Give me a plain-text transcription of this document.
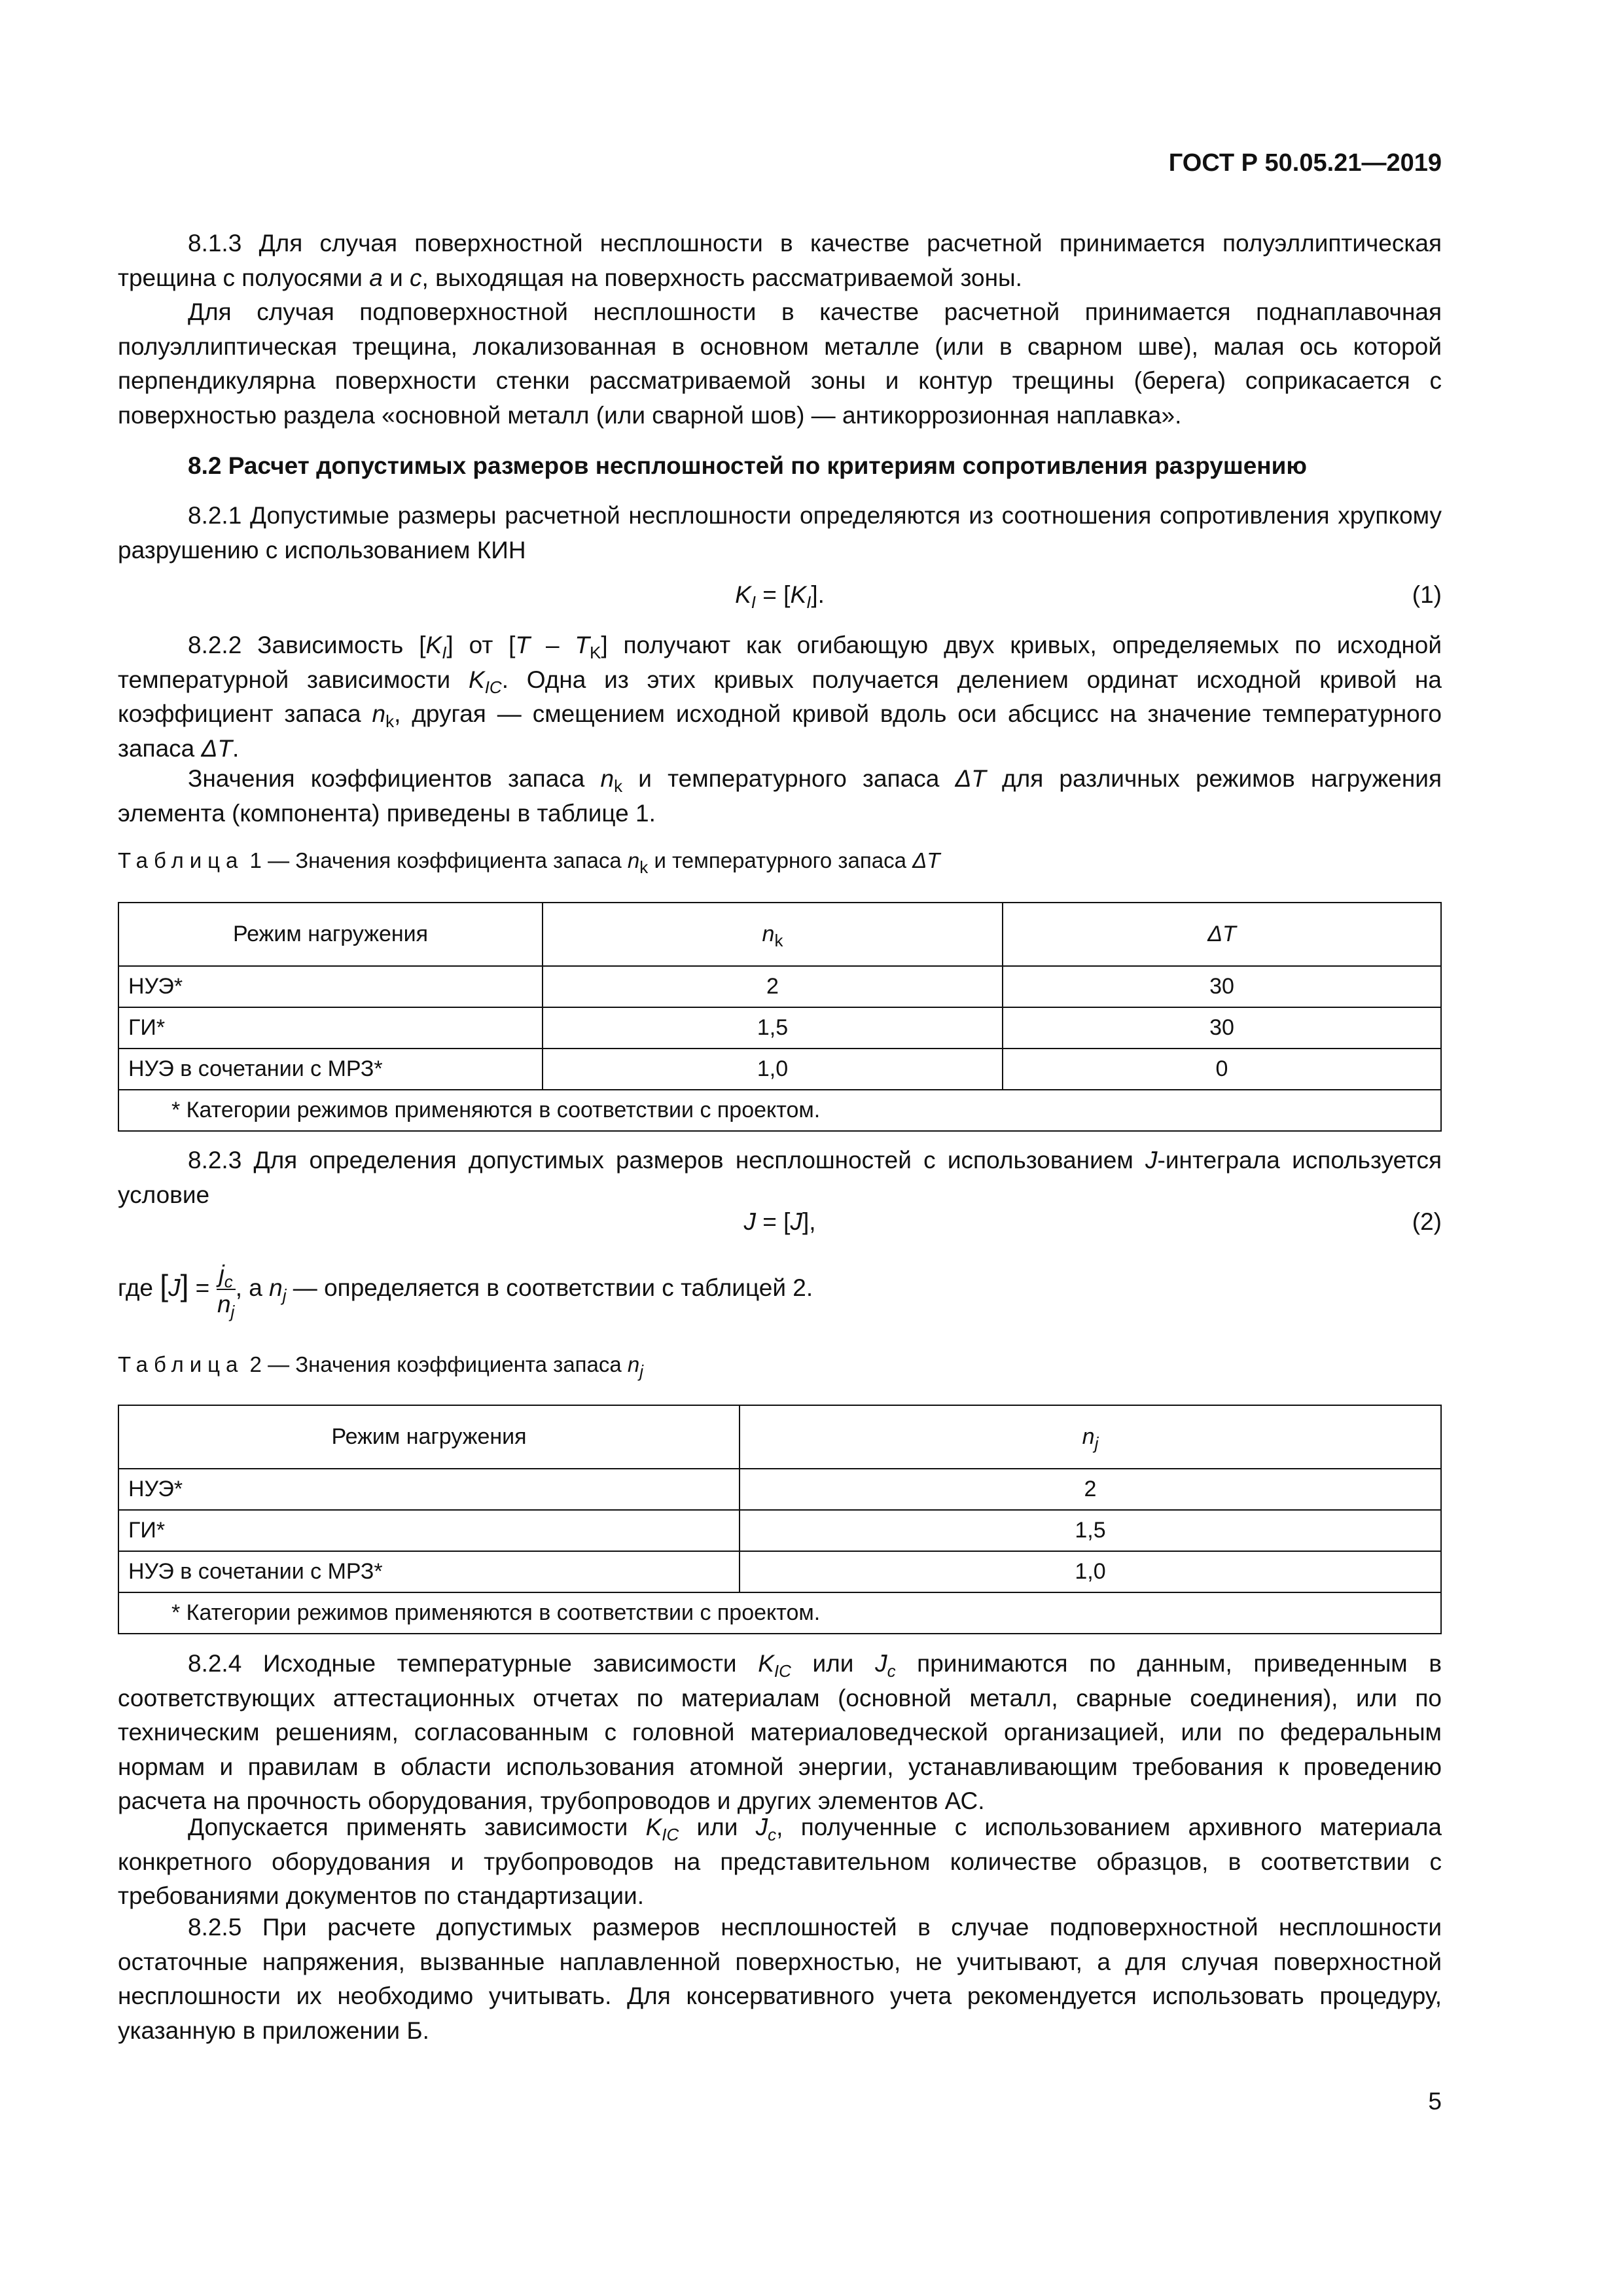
ГОСТ Р 50.05.21—2019
8.1.3 Для случая поверхностной несплошности в качестве расчетной принимается полуэллиптическая трещина с полуосями a и c, выходящая на поверхность рассматриваемой зоны.
Для случая подповерхностной несплошности в качестве расчетной принимается поднаплавочная полуэллиптическая трещина, локализованная в основном металле (или в сварном шве), малая ось которой перпендикулярна поверхности стенки рассматриваемой зоны и контур трещины (берега) соприкасается с поверхностью раздела «основной металл (или сварной шов) — антикоррозионная наплавка».
8.2 Расчет допустимых размеров несплошностей по критериям сопротивления разрушению
8.2.1 Допустимые размеры расчетной несплошности определяются из соотношения сопротивления хрупкому разрушению с использованием КИН
$K_I = [K_I]$.	(1)
8.2.2 Зависимость $[K_I]$ от $[T - T_K]$ получают как огибающую двух кривых, определяемых по исходной температурной зависимости $K_{IC}$. Одна из этих кривых получается делением ординат исходной кривой на коэффициент запаса $n_k$, другая — смещением исходной кривой вдоль оси абсцисс на значение температурного запаса ΔT.
Значения коэффициентов запаса $n_k$ и температурного запаса ΔT для различных режимов нагружения элемента (компонента) приведены в таблице 1.
Таблица 1 — Значения коэффициента запаса $n_k$ и температурного запаса ΔT
Режим нагружения	$n_k$	ΔT
НУЭ*	2	30
ГИ*	1,5	30
НУЭ в сочетании с МРЗ*	1,0	0
* Категории режимов применяются в соответствии с проектом.		
8.2.3 Для определения допустимых размеров несплошностей с использованием J-интеграла используется условие
J = [J],	(2)
где $[J] = \frac{j_c}{n_j}$ , а $n_j$ — определяется в соответствии с таблицей 2.
Таблица 2 — Значения коэффициента запаса $n_j$
Режим нагружения	$n_j$
НУЭ*	2
ГИ*	1,5
НУЭ в сочетании с МРЗ*	1,0
* Категории режимов применяются в соответствии с проектом.	
8.2.4 Исходные температурные зависимости $K_{IC}$ или $J_c$ принимаются по данным, приведенным в соответствующих аттестационных отчетах по материалам (основной металл, сварные соединения), или по техническим решениям, согласованным с головной материаловедческой организацией, или по федеральным нормам и правилам в области использования атомной энергии, устанавливающим требования к проведению расчета на прочность оборудования, трубопроводов и других элементов АС.
Допускается применять зависимости $K_{IC}$ или $J_c$, полученные с использованием архивного материала конкретного оборудования и трубопроводов на представительном количестве образцов, в соответствии с требованиями документов по стандартизации.
8.2.5 При расчете допустимых размеров несплошностей в случае подповерхностной несплошности остаточные напряжения, вызванные наплавленной поверхностью, не учитывают, а для случая поверхностной несплошности их необходимо учитывать. Для консервативного учета рекомендуется использовать процедуру, указанную в приложении Б.
5
